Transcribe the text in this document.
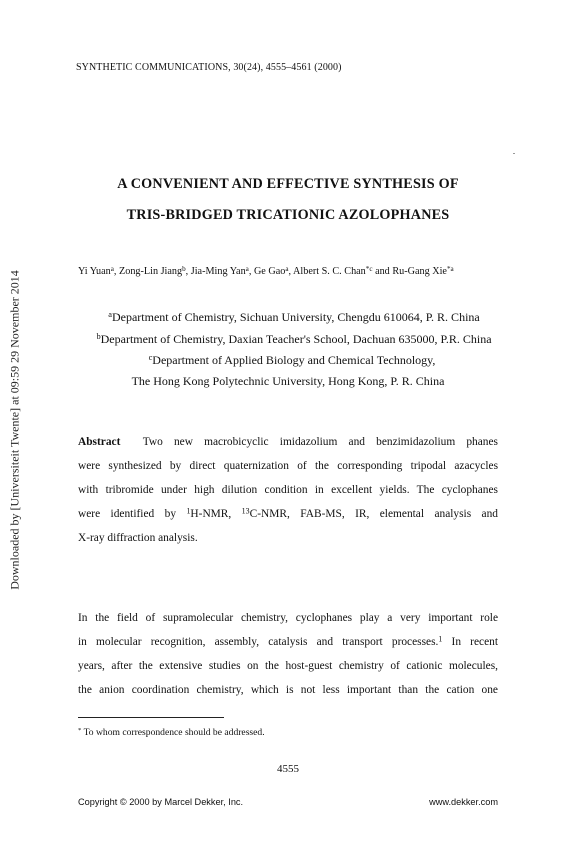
SYNTHETIC COMMUNICATIONS, 30(24), 4555–4561 (2000)
A CONVENIENT AND EFFECTIVE SYNTHESIS OF
TRIS-BRIDGED TRICATIONIC AZOLOPHANES
Yi Yuan$^a$, Zong-Lin Jiang$^b$, Jia-Ming Yan$^a$, Ge Gao$^a$, Albert S. C. Chan$^{*c}$ and Ru-Gang Xie$^{*a}$
$^a$Department of Chemistry, Sichuan University, Chengdu 610064, P. R. China
$^b$Department of Chemistry, Daxian Teacher's School, Dachuan 635000, P.R. China
$^c$Department of Applied Biology and Chemical Technology,
The Hong Kong Polytechnic University, Hong Kong, P. R. China
Abstract Two new macrobicyclic imidazolium and benzimidazolium phanes
were synthesized by direct quaternization of the corresponding tripodal azacycles
with tribromide under high dilution condition in excellent yields. The cyclophanes
were identified by $^1$H-NMR, $^{13}$C-NMR, FAB-MS, IR, elemental analysis and
X-ray diffraction analysis.
In the field of supramolecular chemistry, cyclophanes play a very important role
in molecular recognition, assembly, catalysis and transport processes.$^1$ In recent
years, after the extensive studies on the host-guest chemistry of cationic molecules,
the anion coordination chemistry, which is not less important than the cation one
* To whom correspondence should be addressed.
4555
Copyright © 2000 by Marcel Dekker, Inc.	www.dekker.com
Downloaded by [Universiteit Twente] at 09:59 29 November 2014
